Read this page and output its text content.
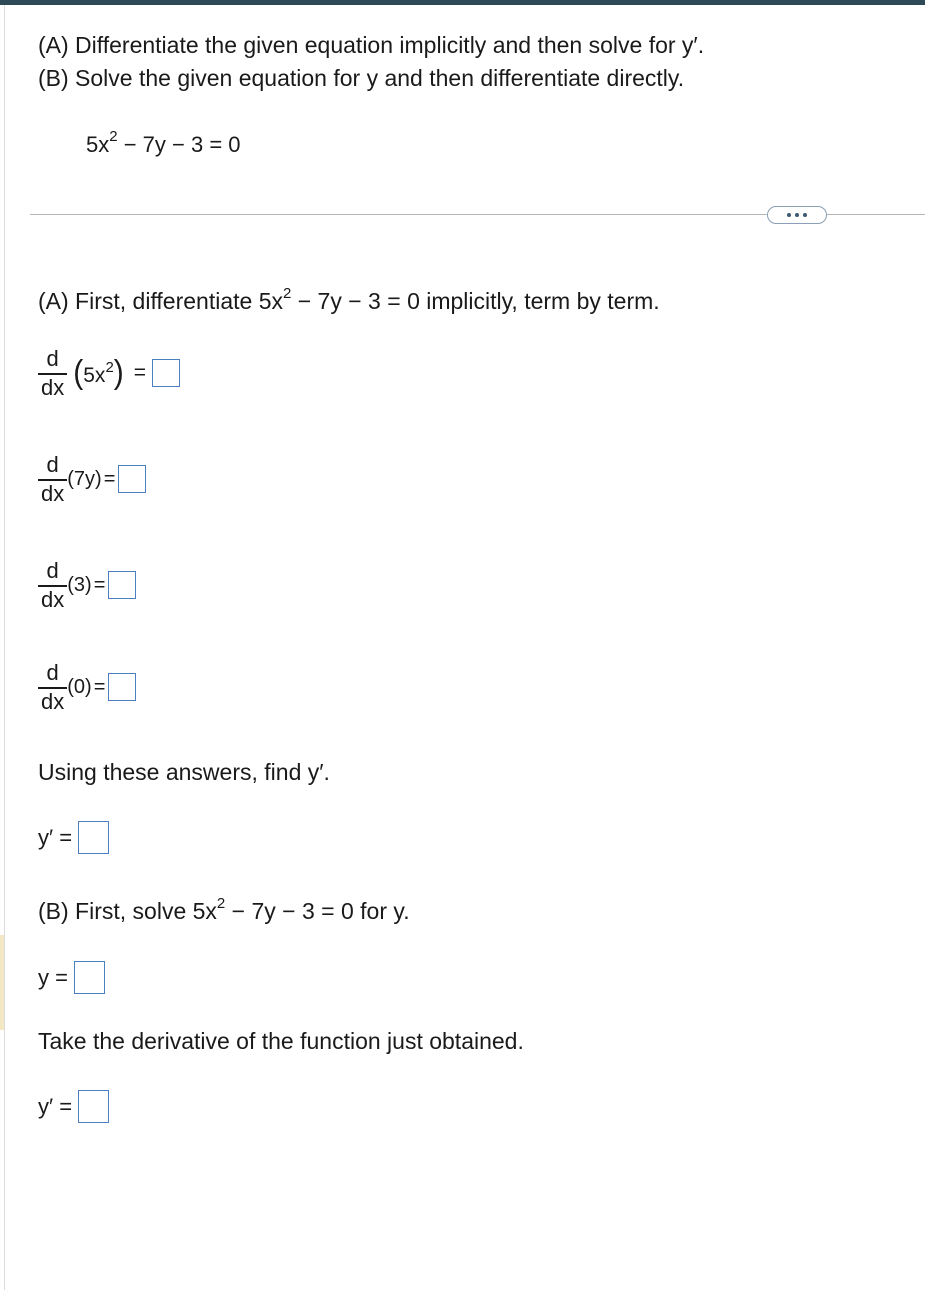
(A) Differentiate the given equation implicitly and then solve for y′.
(B) Solve the given equation for y and then differentiate directly.
$5x^2 - 7y - 3 = 0$
(A) First, differentiate $5x^2 - 7y - 3 = 0$ implicitly, term by term.
$\frac{d}{dx} (5x^2)$ =
$\frac{d}{dx} (7y)$ =
$\frac{d}{dx} (3)$ =
$\frac{d}{dx} (0)$ =
Using these answers, find y′.
y′ =
(B) First, solve $5x^2 - 7y - 3 = 0$ for y.
y =
Take the derivative of the function just obtained.
y′ =
